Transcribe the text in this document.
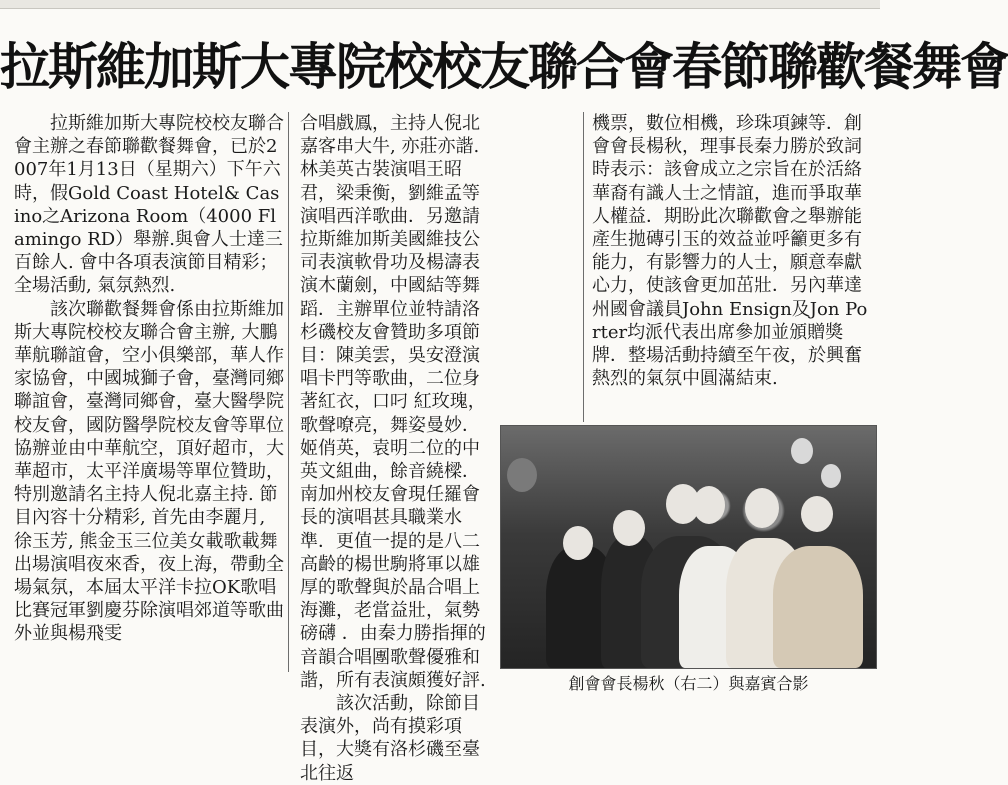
拉斯維加斯大專院校校友聯合會春節聯歡餐舞會

拉斯維加斯大專院校校友聯合會主辦之春節聯歡餐舞會，已於2007年1月13日（星期六）下午六時，假Gold Coast Hotel& Casino之Arizona Room（4000 Flamingo RD）舉辦.與會人士達三百餘人. 會中各項表演節目精彩；全場活動, 氣氛熱烈.

該次聯歡餐舞會係由拉斯維加斯大專院校校友聯合會主辦, 大鵬華航聯誼會，空小俱樂部，華人作家協會，中國城獅子會，臺灣同鄉聯誼會，臺灣同鄉會，臺大醫學院校友會，國防醫學院校友會等單位協辦並由中華航空，頂好超市，大華超市，太平洋廣場等單位贊助，特別邀請名主持人倪北嘉主持. 節目內容十分精彩, 首先由李麗月, 徐玉芳, 熊金玉三位美女載歌載舞出場演唱夜來香，夜上海，帶動全場氣氛，本屆太平洋卡拉OK歌唱比賽冠軍劉慶芬除演唱郊道等歌曲外並與楊飛雯

合唱戲鳳，主持人倪北嘉客串大牛, 亦莊亦諧. 林美英古裝演唱王昭君，梁秉衡，劉維孟等演唱西洋歌曲．另邀請拉斯維加斯美國維技公司表演軟骨功及楊濤表演木蘭劍，中國結等舞蹈．主辦單位並特請洛杉磯校友會贊助多項節目：陳美雲，吳安澄演唱卡門等歌曲，二位身著紅衣，口叼 紅玫瑰，歌聲嘹亮，舞姿曼妙．姬俏英，袁明二位的中英文組曲，餘音繞樑．南加州校友會現任羅會長的演唱甚具職業水準．更值一提的是八二高齡的楊世駒將軍以雄厚的歌聲與於晶合唱上海灘，老當益壯，氣勢磅礴 ．由秦力勝指揮的音韻合唱團歌聲優雅和諧，所有表演頗獲好評.

該次活動，除節目表演外，尚有摸彩項目，大獎有洛杉磯至臺北往返

機票，數位相機，珍珠項鍊等．創會會長楊秋，理事長秦力勝於致詞時表示：該會成立之宗旨在於活絡華裔有識人士之情誼，進而爭取華人權益．期盼此次聯歡會之舉辦能產生拋磚引玉的效益並呼籲更多有能力，有影響力的人士，願意奉獻心力，使該會更加茁壯．另內華達州國會議員John Ensign及Jon Porter均派代表出席參加並頒贈獎牌．整場活動持續至午夜，於興奮熱烈的氣氛中圓滿結束.

創會會長楊秋（右二）與嘉賓合影
